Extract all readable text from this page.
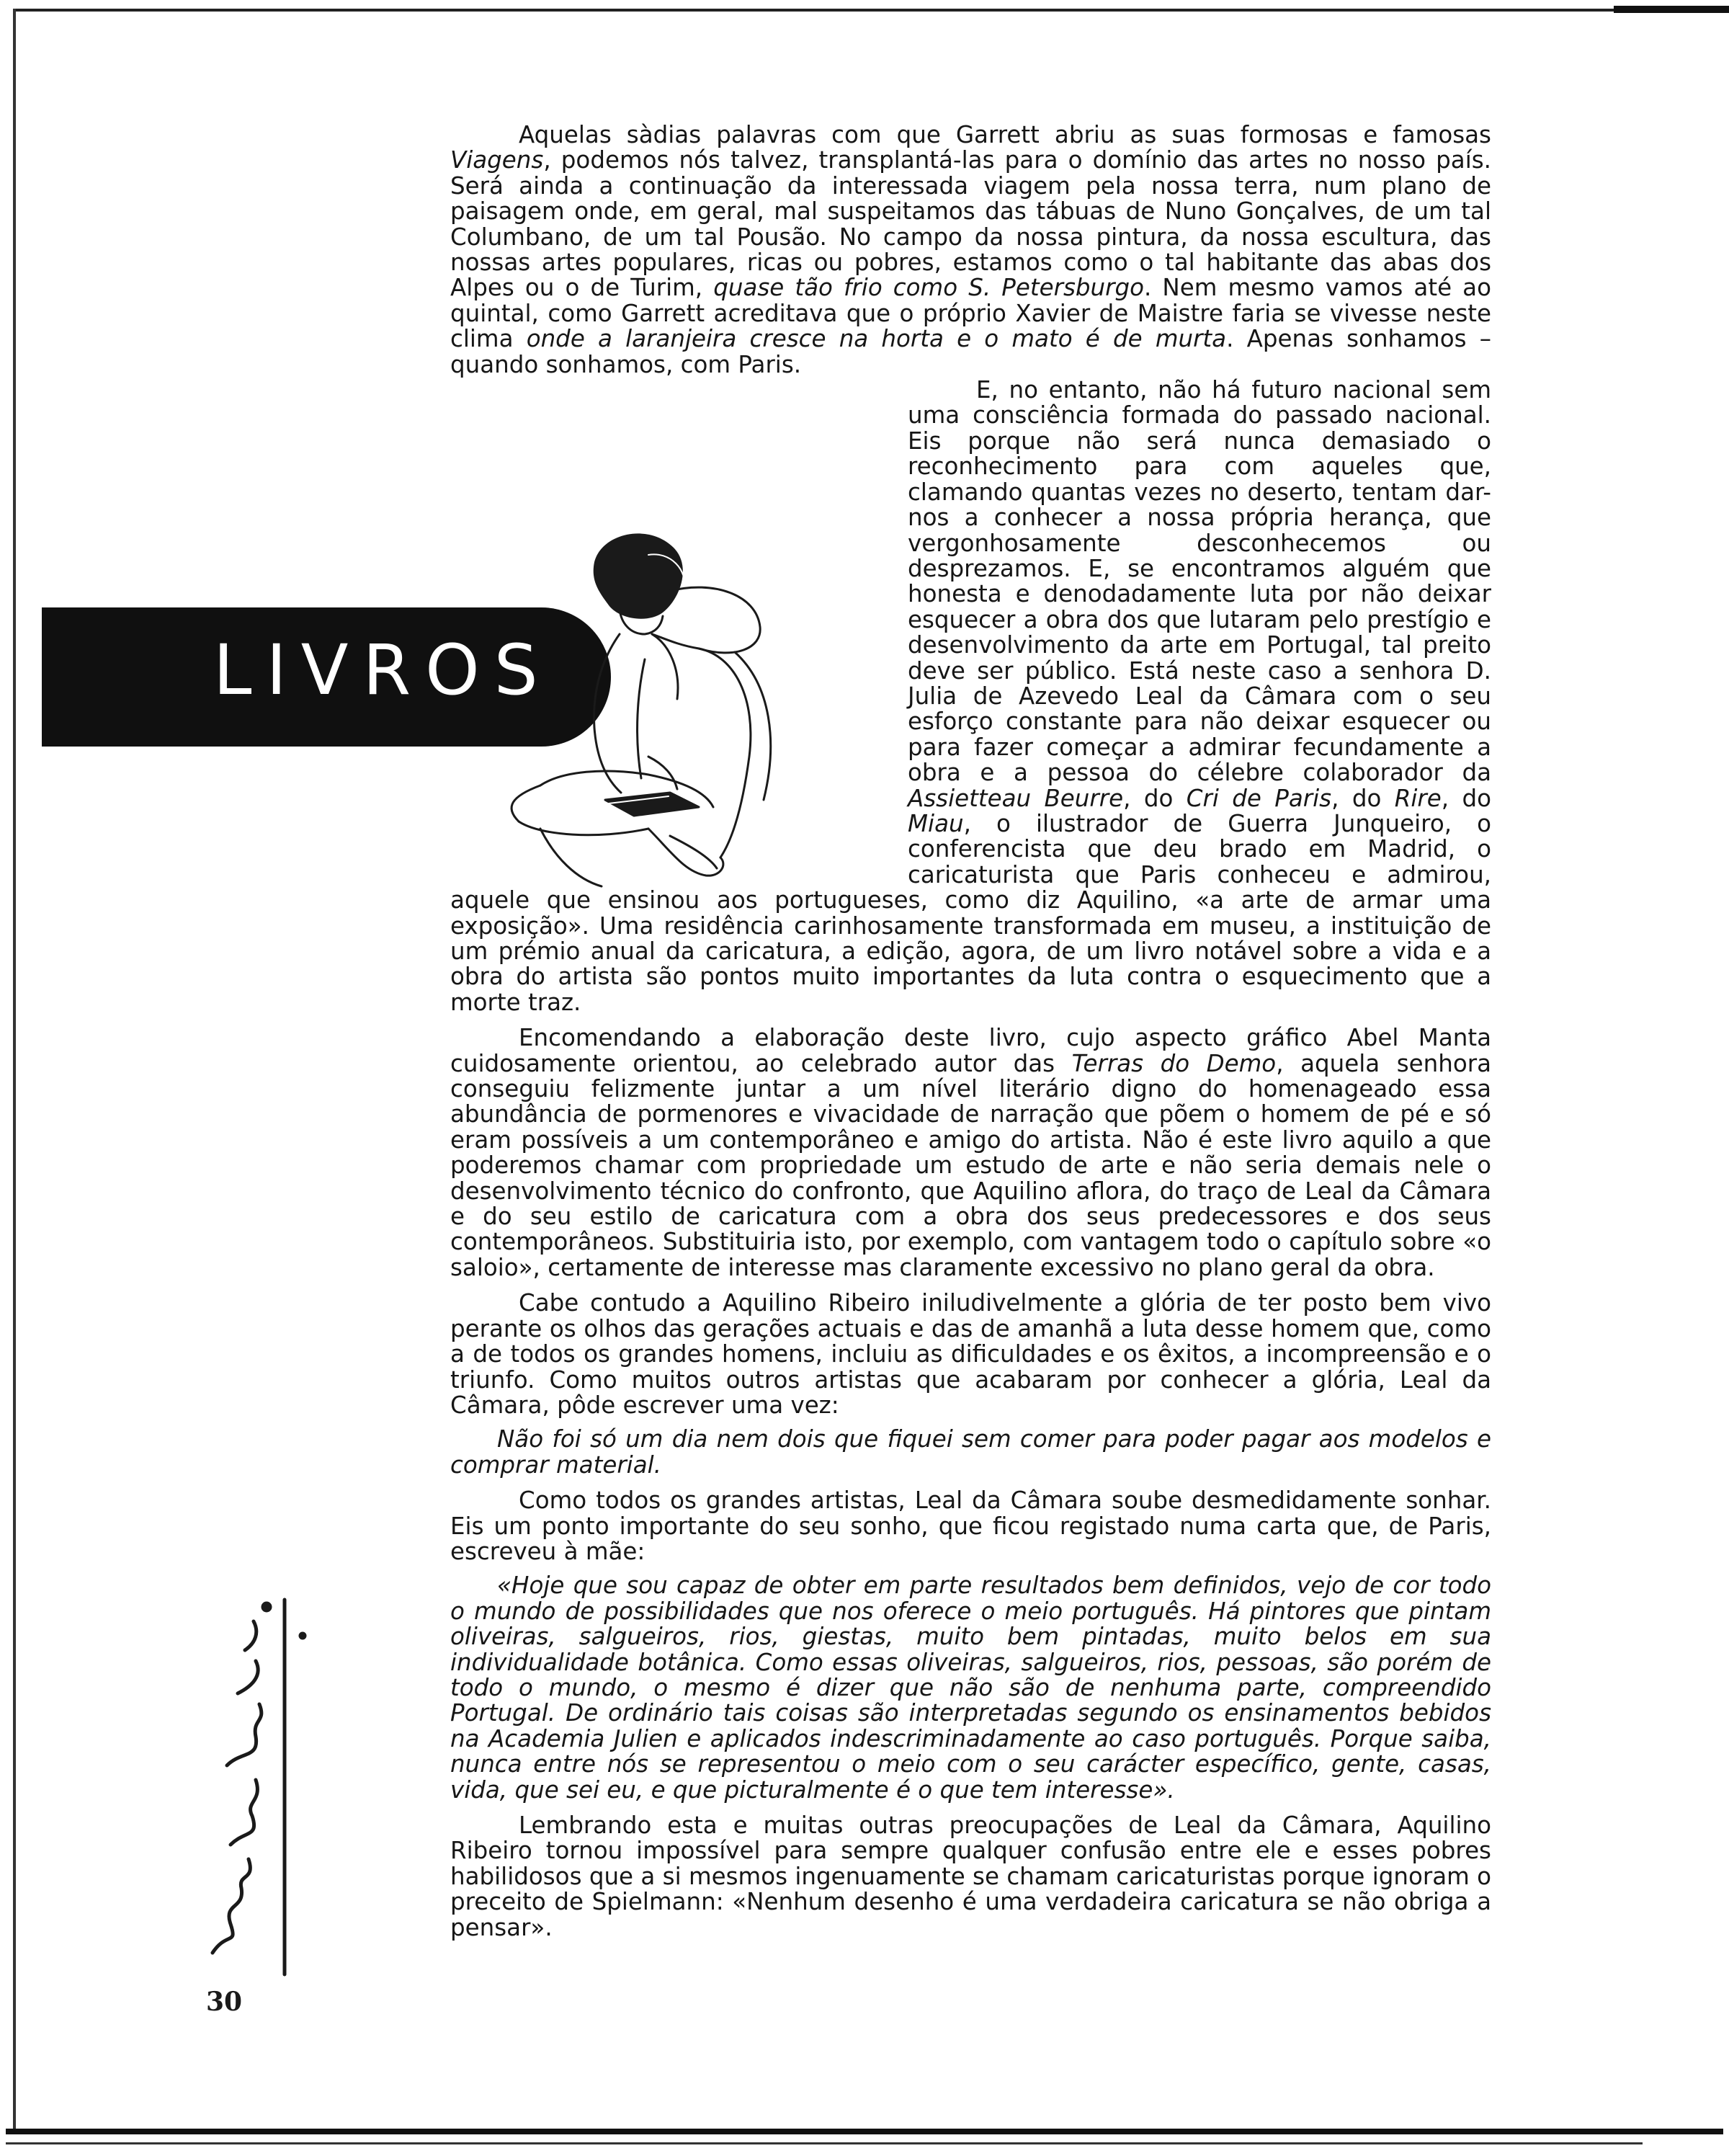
LIVROS

Aquelas sàdias palavras com que Garrett abriu as suas formosas e famosas Viagens, podemos nós talvez, transplantá-las para o domínio das artes no nosso país. Será ainda a continuação da interessada viagem pela nossa terra, num plano de paisagem onde, em geral, mal suspeitamos das tábuas de Nuno Gonçalves, de um tal Columbano, de um tal Pousão. No campo da nossa pintura, da nossa escultura, das nossas artes populares, ricas ou pobres, estamos como o tal habitante das abas dos Alpes ou o de Turim, quase tão frio como S. Petersburgo. Nem mesmo vamos até ao quintal, como Garrett acreditava que o próprio Xavier de Maistre faria se vivesse neste clima onde a laranjeira cresce na horta e o mato é de murta. Apenas sonhamos – quando sonhamos, com Paris.

E, no entanto, não há futuro nacional sem uma consciência formada do passado nacional. Eis porque não será nunca demasiado o reconhecimento para com aqueles que, clamando quantas vezes no deserto, tentam dar-nos a conhecer a nossa própria herança, que vergonhosamente desconhecemos ou desprezamos. E, se encontramos alguém que honesta e denodadamente luta por não deixar esquecer a obra dos que lutaram pelo prestígio e desenvolvimento da arte em Portugal, tal preito deve ser público. Está neste caso a senhora D. Julia de Azevedo Leal da Câmara com o seu esforço constante para não deixar esquecer ou para fazer começar a admirar fecundamente a obra e a pessoa do célebre colaborador da Assietteau Beurre, do Cri de Paris, do Rire, do Miau, o ilustrador de Guerra Junqueiro, o conferencista que deu brado em Madrid, o caricaturista que Paris conheceu e admirou, aquele que ensinou aos portugueses, como diz Aquilino, «a arte de armar uma exposição». Uma residência carinhosamente transformada em museu, a instituição de um prémio anual da caricatura, a edição, agora, de um livro notável sobre a vida e a obra do artista são pontos muito importantes da luta contra o esquecimento que a morte traz.

Encomendando a elaboração deste livro, cujo aspecto gráfico Abel Manta cuidosamente orientou, ao celebrado autor das Terras do Demo, aquela senhora conseguiu felizmente juntar a um nível literário digno do homenageado essa abundância de pormenores e vivacidade de narração que põem o homem de pé e só eram possíveis a um contemporâneo e amigo do artista. Não é este livro aquilo a que poderemos chamar com propriedade um estudo de arte e não seria demais nele o desenvolvimento técnico do confronto, que Aquilino aflora, do traço de Leal da Câmara e do seu estilo de caricatura com a obra dos seus predecessores e dos seus contemporâneos. Substituiria isto, por exemplo, com vantagem todo o capítulo sobre «o saloio», certamente de interesse mas claramente excessivo no plano geral da obra.

Cabe contudo a Aquilino Ribeiro iniludivelmente a glória de ter posto bem vivo perante os olhos das gerações actuais e das de amanhã a luta desse homem que, como a de todos os grandes homens, incluiu as dificuldades e os êxitos, a incompreensão e o triunfo. Como muitos outros artistas que acabaram por conhecer a glória, Leal da Câmara, pôde escrever uma vez:

Não foi só um dia nem dois que fiquei sem comer para poder pagar aos modelos e comprar material.

Como todos os grandes artistas, Leal da Câmara soube desmedidamente sonhar. Eis um ponto importante do seu sonho, que ficou registado numa carta que, de Paris, escreveu à mãe:

«Hoje que sou capaz de obter em parte resultados bem definidos, vejo de cor todo o mundo de possibilidades que nos oferece o meio português. Há pintores que pintam oliveiras, salgueiros, rios, giestas, muito bem pintadas, muito belos em sua individualidade botânica. Como essas oliveiras, salgueiros, rios, pessoas, são porém de todo o mundo, o mesmo é dizer que não são de nenhuma parte, compreendido Portugal. De ordinário tais coisas são interpretadas segundo os ensinamentos bebidos na Academia Julien e aplicados indescriminadamente ao caso português. Porque saiba, nunca entre nós se representou o meio com o seu carácter específico, gente, casas, vida, que sei eu, e que picturalmente é o que tem interesse».

Lembrando esta e muitas outras preocupações de Leal da Câmara, Aquilino Ribeiro tornou impossível para sempre qualquer confusão entre ele e esses pobres habilidosos que a si mesmos ingenuamente se chamam caricaturistas porque ignoram o preceito de Spielmann: «Nenhum desenho é uma verdadeira caricatura se não obriga a pensar».

30
